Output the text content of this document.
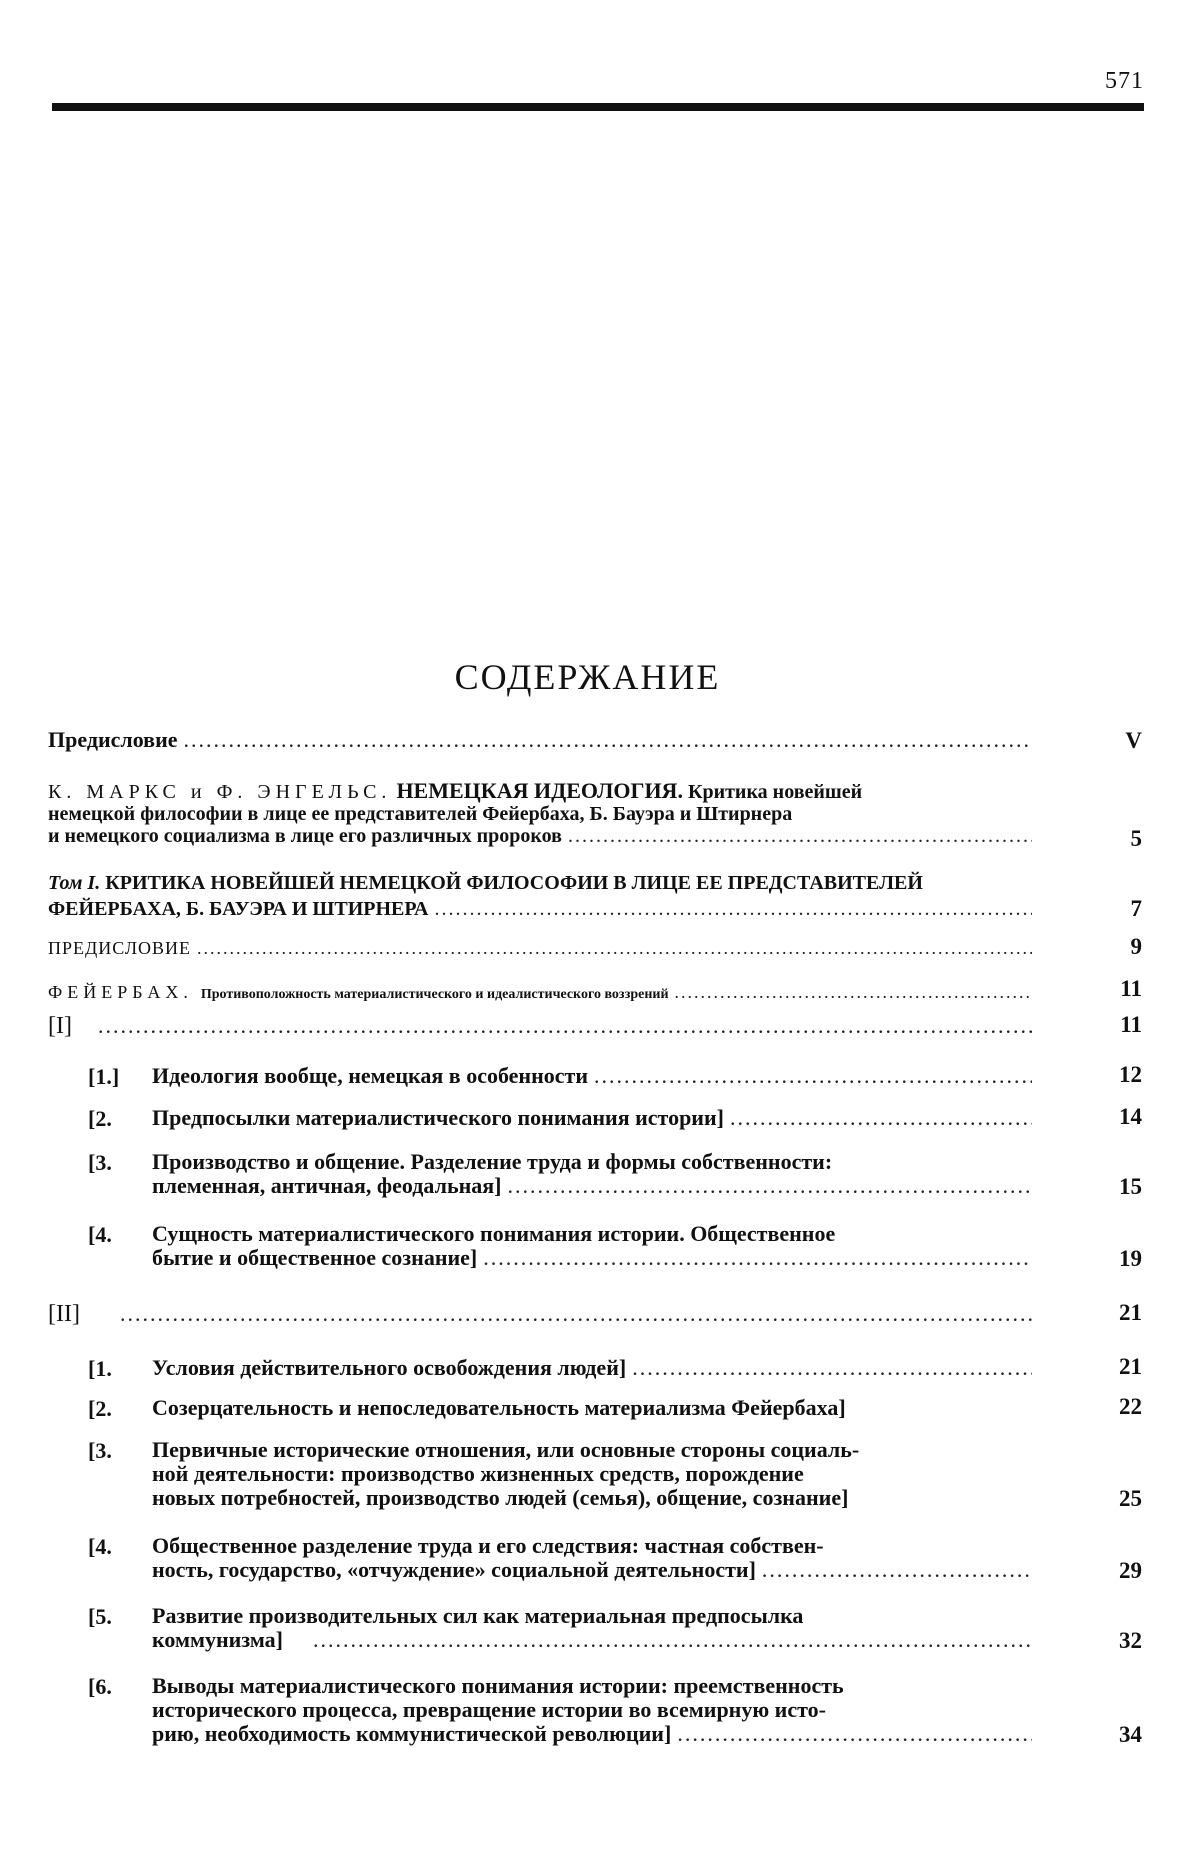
571
СОДЕРЖАНИЕ
Предисловие .....	V
К. МАРКС и Ф. ЭНГЕЛЬС. НЕМЕЦКАЯ ИДЕОЛОГИЯ. Критика новейшей
немецкой философии в лице ее представителей Фейербаха, Б. Бауэра и Штирнера
и немецкого социализма в лице его различных пророков .....	5
Том I. КРИТИКА НОВЕЙШЕЙ НЕМЕЦКОЙ ФИЛОСОФИИ В ЛИЦЕ ЕЕ ПРЕДСТАВИТЕЛЕЙ
ФЕЙЕРБАХА, Б. БАУЭРА И ШТИРНЕРА .....	7
ПРЕДИСЛОВИЕ .....	9
ФЕЙЕРБАХ. Противоположность материалистического и идеалистического воззрений .....	11
[I] .....	11
[1.] Идеология вообще, немецкая в особенности .....	12
[2. Предпосылки материалистического понимания истории] .....	14
[3. Производство и общение. Разделение труда и формы собственности:
племенная, античная, феодальная] .....	15
[4. Сущность материалистического понимания истории. Общественное
бытие и общественное сознание] .....	19
[II] .....	21
[1. Условия действительного освобождения людей] .....	21
[2. Созерцательность и непоследовательность материализма Фейербаха]	22
[3. Первичные исторические отношения, или основные стороны социаль-
ной деятельности: производство жизненных средств, порождение
новых потребностей, производство людей (семья), общение, сознание]	25
[4. Общественное разделение труда и его следствия: частная собствен-
ность, государство, «отчуждение» социальной деятельности] .....	29
[5. Развитие производительных сил как материальная предпосылка
коммунизма] .....	32
[6. Выводы материалистического понимания истории: преемственность
исторического процесса, превращение истории во всемирную исто-
рию, необходимость коммунистической революции] .....	34
